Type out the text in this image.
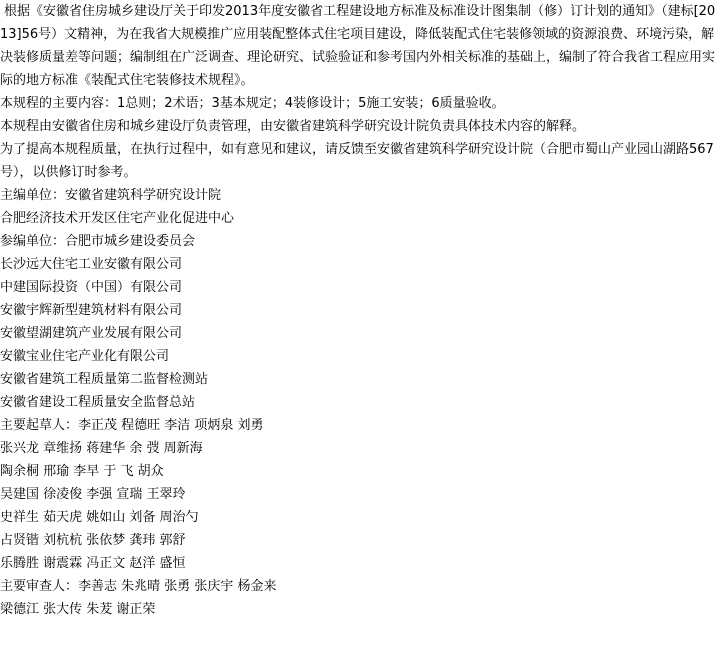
根据《安徽省住房城乡建设厅关于印发2013年度安徽省工程建设地方标准及标准设计图集制（修）订计划的通知》（建标[2013]56号）文精神，为在我省大规模推广应用装配整体式住宅项目建设，降低装配式住宅装修领域的资源浪费、环境污染，解决装修质量差等问题；编制组在广泛调查、理论研究、试验验证和参考国内外相关标准的基础上，编制了符合我省工程应用实际的地方标准《装配式住宅装修技术规程》。

本规程的主要内容：1总则；2术语；3基本规定；4装修设计；5施工安装；6质量验收。

本规程由安徽省住房和城乡建设厅负责管理，由安徽省建筑科学研究设计院负责具体技术内容的解释。

为了提高本规程质量，在执行过程中，如有意见和建议，请反馈至安徽省建筑科学研究设计院（合肥市蜀山产业园山湖路567号），以供修订时参考。

主编单位：安徽省建筑科学研究设计院

合肥经济技术开发区住宅产业化促进中心

参编单位：合肥市城乡建设委员会

长沙远大住宅工业安徽有限公司

中建国际投资（中国）有限公司

安徽宇辉新型建筑材料有限公司

安徽望湖建筑产业发展有限公司

安徽宝业住宅产业化有限公司

安徽省建筑工程质量第二监督检测站

安徽省建设工程质量安全监督总站

主要起草人：李正茂 程德旺 李洁 项炳泉 刘勇

张兴龙 章维扬 蒋建华 余 弢 周新海

陶余桐 邢瑜 李早 于 飞 胡众

吴建国 徐凌俊 李强 宣瑞 王翠玲

史祥生 茹天虎 姚如山 刘备 周治勺

占贤锴 刘杭杭 张依梦 龚玮 郭舒

乐腾胜 谢震霖 冯正文 赵洋 盛恒

主要审查人：李善志 朱兆晴 张勇 张庆宇 杨金来

梁德江 张大传 朱茇 谢正荣
